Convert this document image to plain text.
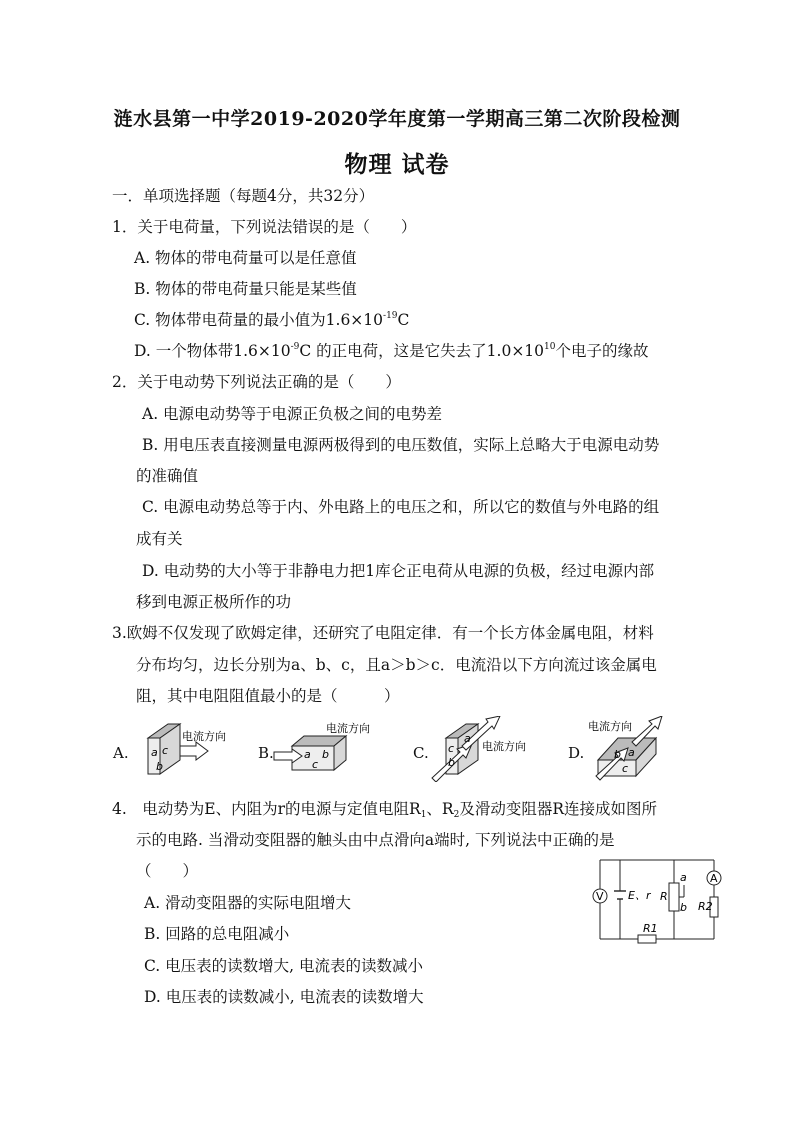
涟水县第一中学2019-2020学年度第一学期高三第二次阶段检测
物理 试卷
一．单项选择题（每题4分，共32分）
1．关于电荷量，下列说法错误的是（　　）
A. 物体的带电荷量可以是任意值
B. 物体的带电荷量只能是某些值
C. 物体带电荷量的最小值为$1.6\times 10^{-19}C$
D. 一个物体带$1.6\times 10^{-9}C$ 的正电荷，这是它失去了$1.0\times 10^{10}$个电子的缘故
2．关于电动势下列说法正确的是（　　）
A. 电源电动势等于电源正负极之间的电势差
B. 用电压表直接测量电源两极得到的电压数值，实际上总略大于电源电动势
的准确值
C. 电源电动势总等于内、外电路上的电压之和，所以它的数值与外电路的组
成有关
D. 电动势的大小等于非静电力把1库仑正电荷从电源的负极，经过电源内部
移到电源正极所作的功
3.欧姆不仅发现了欧姆定律，还研究了电阻定律．有一个长方体金属电阻，材料
分布均匀，边长分别为a、b、c，且a＞b＞c．电流沿以下方向流过该金属电
阻，其中电阻阻值最小的是（　　　）
A.
电流方向
a c
b
B.
电流方向
a b
c
C.	电流方向
c
b
a
D.
电流方向
b a
c
4.　电动势为E、内阻为r的电源与定值电阻$R_1$、$R_2$及滑动变阻器R连接成如图所
示的电路. 当滑动变阻器的触头由中点滑向a端时, 下列说法中正确的是
（　　）
A. 滑动变阻器的实际电阻增大
B. 回路的总电阻减小
C. 电压表的读数增大, 电流表的读数减小
D. 电压表的读数减小, 电流表的读数增大
V
A
E、r R
a
b
R1
R2
